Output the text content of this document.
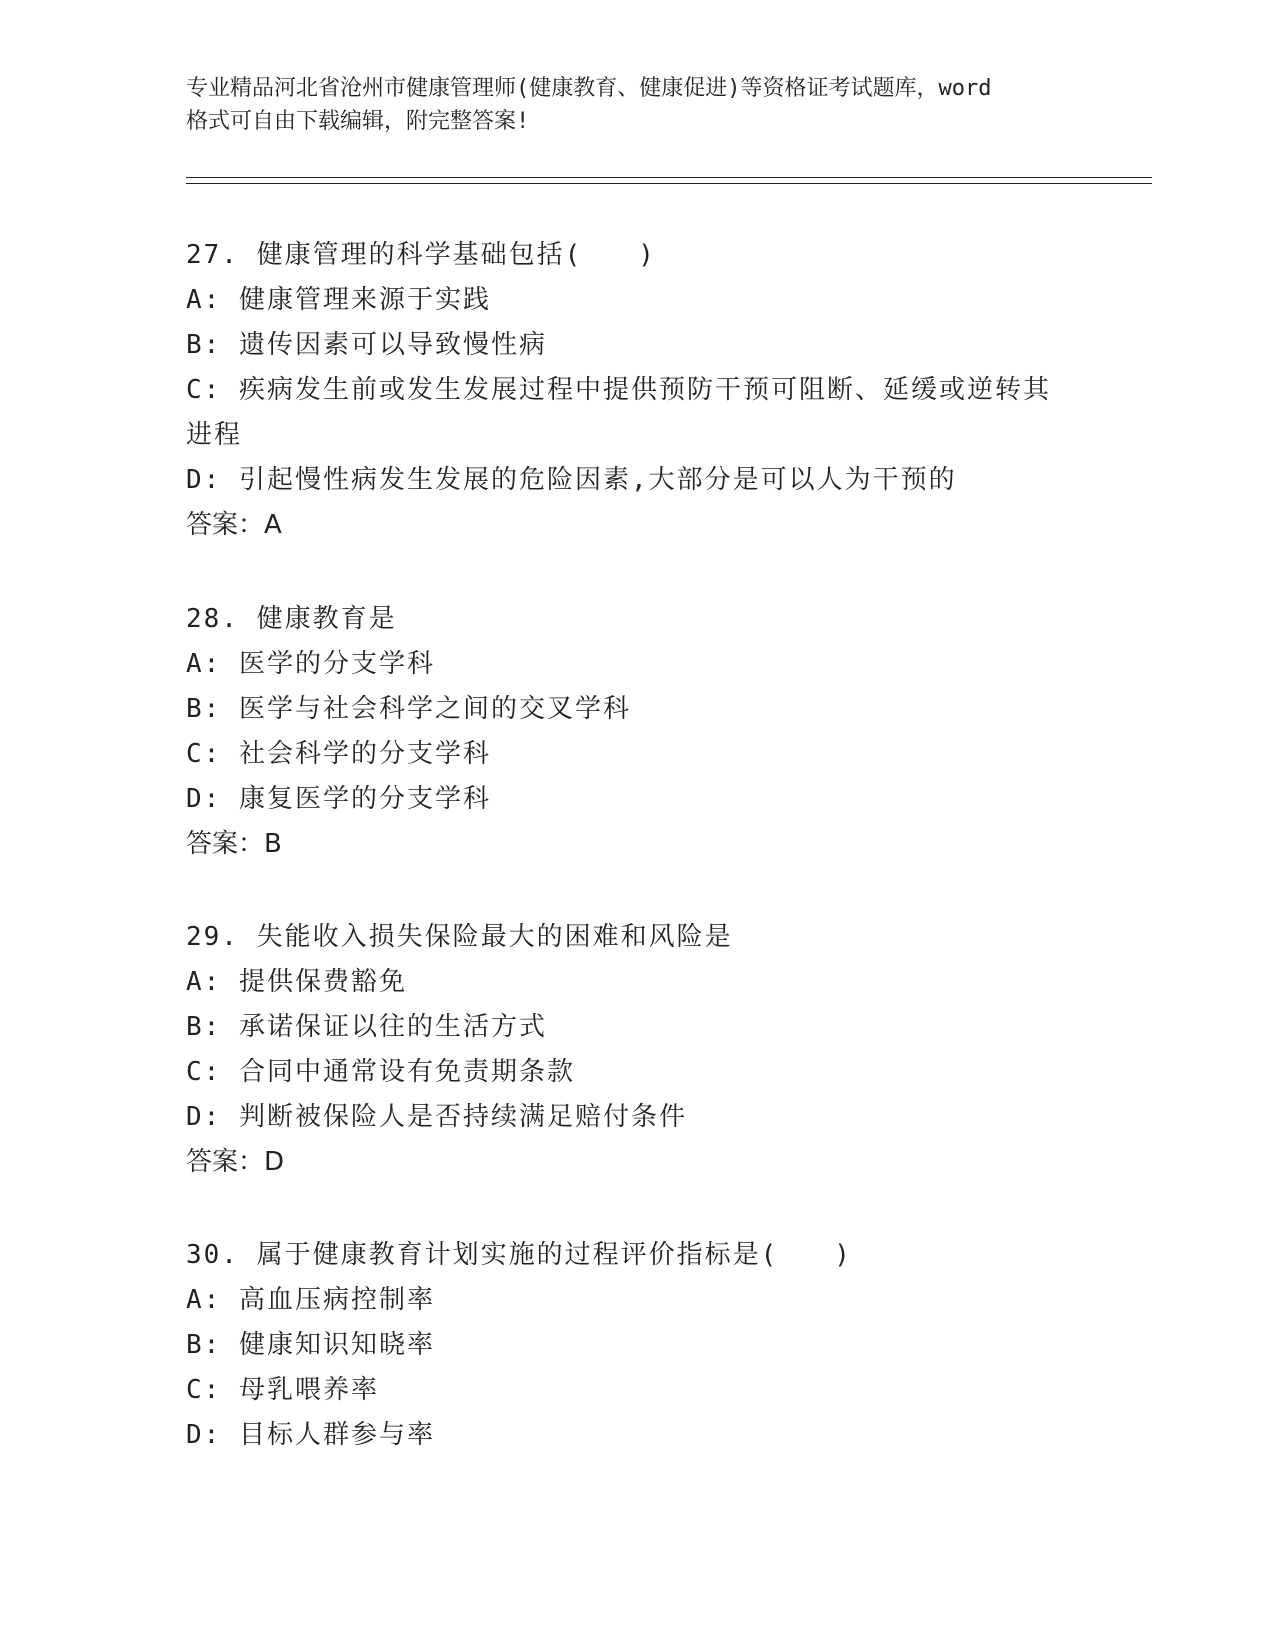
专业精品河北省沧州市健康管理师(健康教育、健康促进)等资格证考试题库，word
格式可自由下载编辑，附完整答案!
27. 健康管理的科学基础包括(　　)
A: 健康管理来源于实践
B: 遗传因素可以导致慢性病
C: 疾病发生前或发生发展过程中提供预防干预可阻断、延缓或逆转其
进程
D: 引起慢性病发生发展的危险因素,大部分是可以人为干预的
答案：A
28. 健康教育是
A: 医学的分支学科
B: 医学与社会科学之间的交叉学科
C: 社会科学的分支学科
D: 康复医学的分支学科
答案：B
29. 失能收入损失保险最大的困难和风险是
A: 提供保费豁免
B: 承诺保证以往的生活方式
C: 合同中通常设有免责期条款
D: 判断被保险人是否持续满足赔付条件
答案：D
30. 属于健康教育计划实施的过程评价指标是(　　)
A: 高血压病控制率
B: 健康知识知晓率
C: 母乳喂养率
D: 目标人群参与率
